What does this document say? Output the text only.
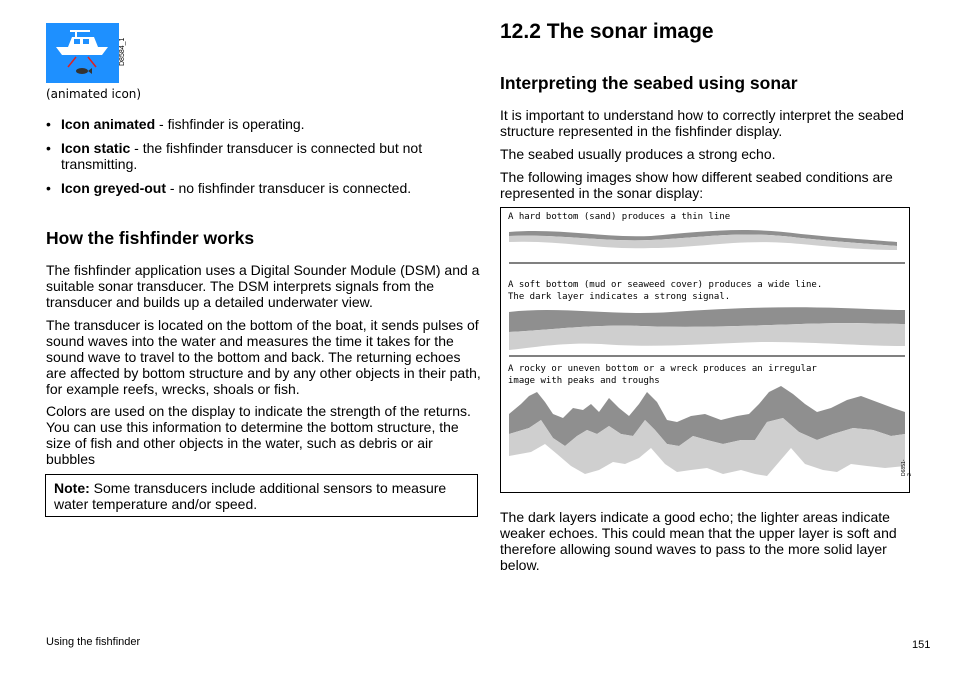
D8584_1
(animated icon)
• Icon animated - fishfinder is operating.
• Icon static - the fishfinder transducer is connected but not transmitting.
• Icon greyed-out - no fishfinder transducer is connected.
How the fishfinder works

The fishfinder application uses a Digital Sounder Module (DSM) and a suitable sonar transducer. The DSM interprets signals from the transducer and builds up a detailed underwater view.

The transducer is located on the bottom of the boat, it sends pulses of sound waves into the water and measures the time it takes for the sound wave to travel to the bottom and back. The returning echoes are affected by bottom structure and by any other objects in their path, for example reefs, wrecks, shoals or fish.

Colors are used on the display to indicate the strength of the returns. You can use this information to determine the bottom structure, the size of fish and other objects in the water, such as debris or air bubbles

Note: Some transducers include additional sensors to measure water temperature and/or speed.

12.2 The sonar image
Interpreting the seabed using sonar

It is important to understand how to correctly interpret the seabed structure represented in the fishfinder display.

The seabed usually produces a strong echo.

The following images show how different seabed conditions are represented in the sonar display:

A hard bottom (sand) produces a thin line
A soft bottom (mud or seaweed cover) produces a wide line.
The dark layer indicates a strong signal.
A rocky or uneven bottom or a wreck produces an irregular
image with peaks and troughs
D6851-2

The dark layers indicate a good echo; the lighter areas indicate weaker echoes. This could mean that the upper layer is soft and therefore allowing sound waves to pass to the more solid layer below.

Using the fishfinder	151
